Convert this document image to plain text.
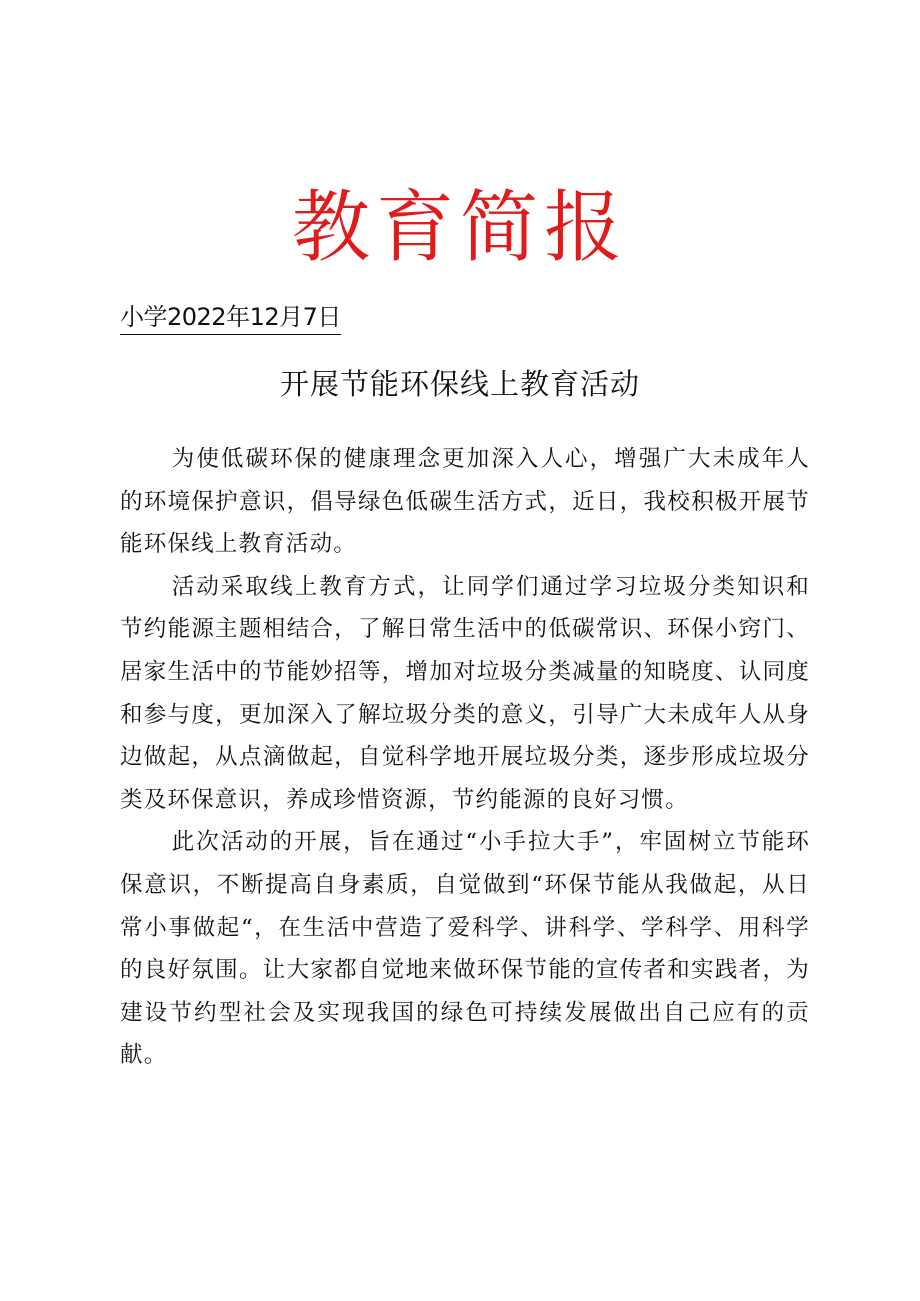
教育简报
小学2022年12月7日
开展节能环保线上教育活动

为使低碳环保的健康理念更加深入人心，增强广大未成年人的环境保护意识，倡导绿色低碳生活方式，近日，我校积极开展节能环保线上教育活动。

活动采取线上教育方式，让同学们通过学习垃圾分类知识和节约能源主题相结合，了解日常生活中的低碳常识、环保小窍门、居家生活中的节能妙招等，增加对垃圾分类减量的知晓度、认同度和参与度，更加深入了解垃圾分类的意义，引导广大未成年人从身边做起，从点滴做起，自觉科学地开展垃圾分类，逐步形成垃圾分类及环保意识，养成珍惜资源，节约能源的良好习惯。

此次活动的开展，旨在通过“小手拉大手”，牢固树立节能环保意识，不断提高自身素质，自觉做到“环保节能从我做起，从日常小事做起“，在生活中营造了爱科学、讲科学、学科学、用科学的良好氛围。让大家都自觉地来做环保节能的宣传者和实践者，为建设节约型社会及实现我国的绿色可持续发展做出自己应有的贡献。
